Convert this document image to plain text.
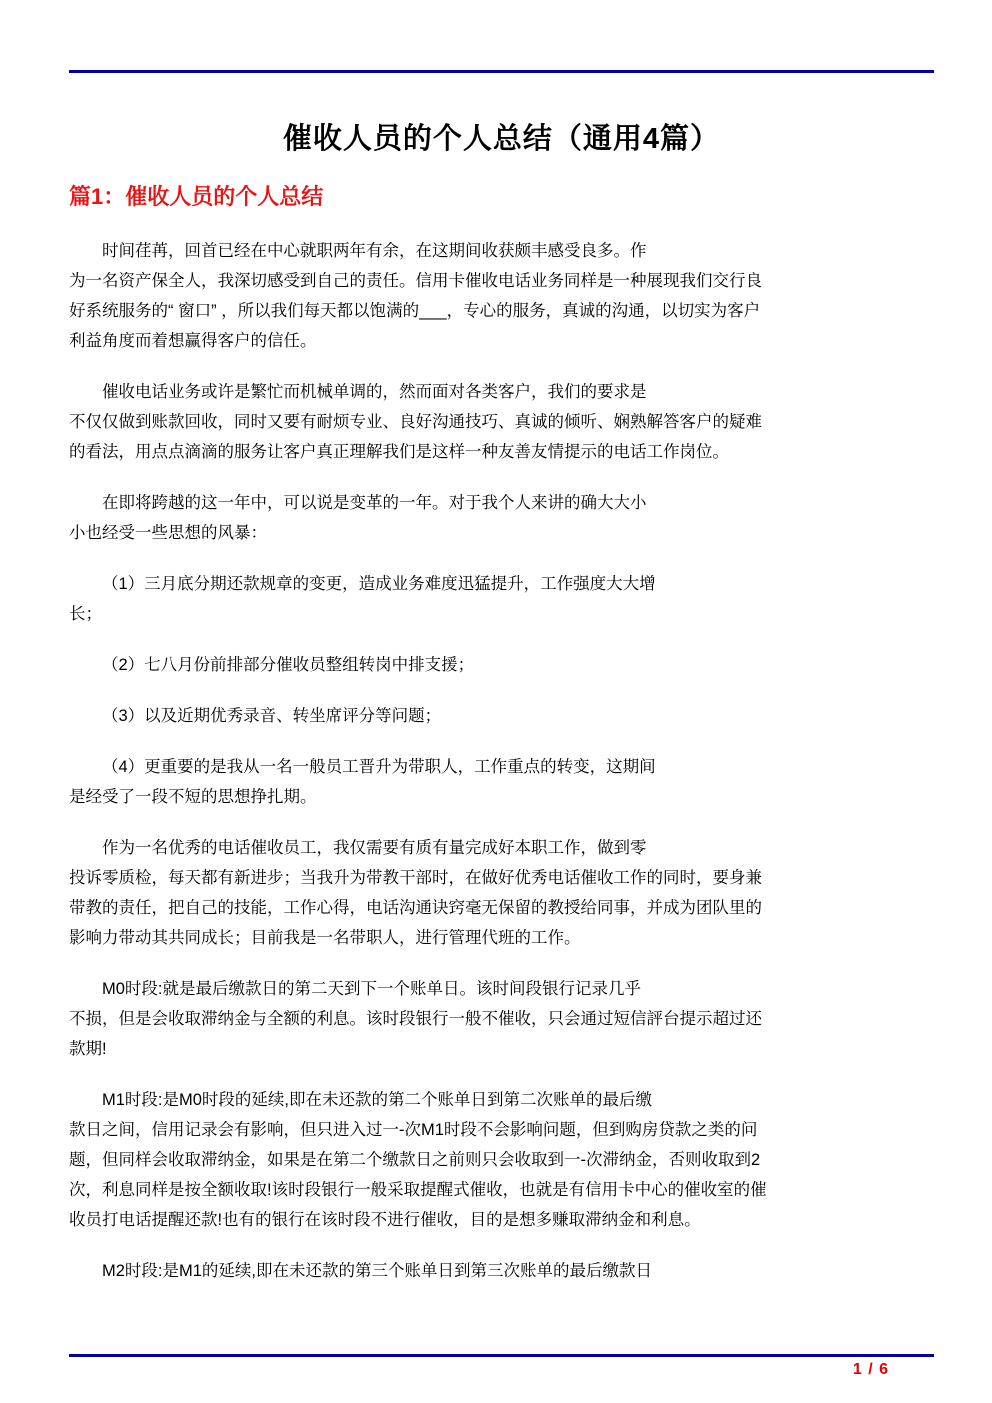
催收人员的个人总结（通用4篇）
篇1：催收人员的个人总结
时间荏苒，回首已经在中心就职两年有余，在这期间收获颇丰感受良多。作
为一名资产保全人，我深切感受到自己的责任。信用卡催收电话业务同样是一种展现我们交行良
好系统服务的“ 窗口” ，所以我们每天都以饱满的___，专心的服务，真诚的沟通，以切实为客户
利益角度而着想赢得客户的信任。
催收电话业务或许是繁忙而机械单调的，然而面对各类客户，我们的要求是
不仅仅做到账款回收，同时又要有耐烦专业、良好沟通技巧、真诚的倾听、娴熟解答客户的疑难
的看法，用点点滴滴的服务让客户真正理解我们是这样一种友善友情提示的电话工作岗位。
在即将跨越的这一年中，可以说是变革的一年。对于我个人来讲的确大大小
小也经受一些思想的风暴：
（1）三月底分期还款规章的变更，造成业务难度迅猛提升，工作强度大大增
长；
（2）七八月份前排部分催收员整组转岗中排支援；
（3）以及近期优秀录音、转坐席评分等问题；
（4）更重要的是我从一名一般员工晋升为带职人，工作重点的转变，这期间
是经受了一段不短的思想挣扎期。
作为一名优秀的电话催收员工，我仅需要有质有量完成好本职工作，做到零
投诉零质检，每天都有新进步；当我升为带教干部时，在做好优秀电话催收工作的同时，要身兼
带教的责任，把自己的技能，工作心得，电话沟通诀窍毫无保留的教授给同事，并成为团队里的
影响力带动其共同成长；目前我是一名带职人，进行管理代班的工作。
M0时段:就是最后缴款日的第二天到下一个账单日。该时间段银行记录几乎
不损，但是会收取滞纳金与全额的利息。该时段银行一般不催收，只会通过短信評台提示超过还
款期!
M1时段:是M0时段的延续,即在未还款的第二个账单日到第二次账单的最后缴
款日之间，信用记录会有影响，但只进入过一-次M1时段不会影响问题，但到购房贷款之类的问
题，但同样会收取滞纳金，如果是在第二个缴款日之前则只会收取到一-次滞纳金，否则收取到2
次，利息同样是按全额收取!该时段银行一般采取提醒式催收，也就是有信用卡中心的催收室的催
收员打电话提醒还款!也有的银行在该时段不进行催收，目的是想多赚取滞纳金和利息。
M2时段:是M1的延续,即在未还款的第三个账单日到第三次账单的最后缴款日
1 / 6
